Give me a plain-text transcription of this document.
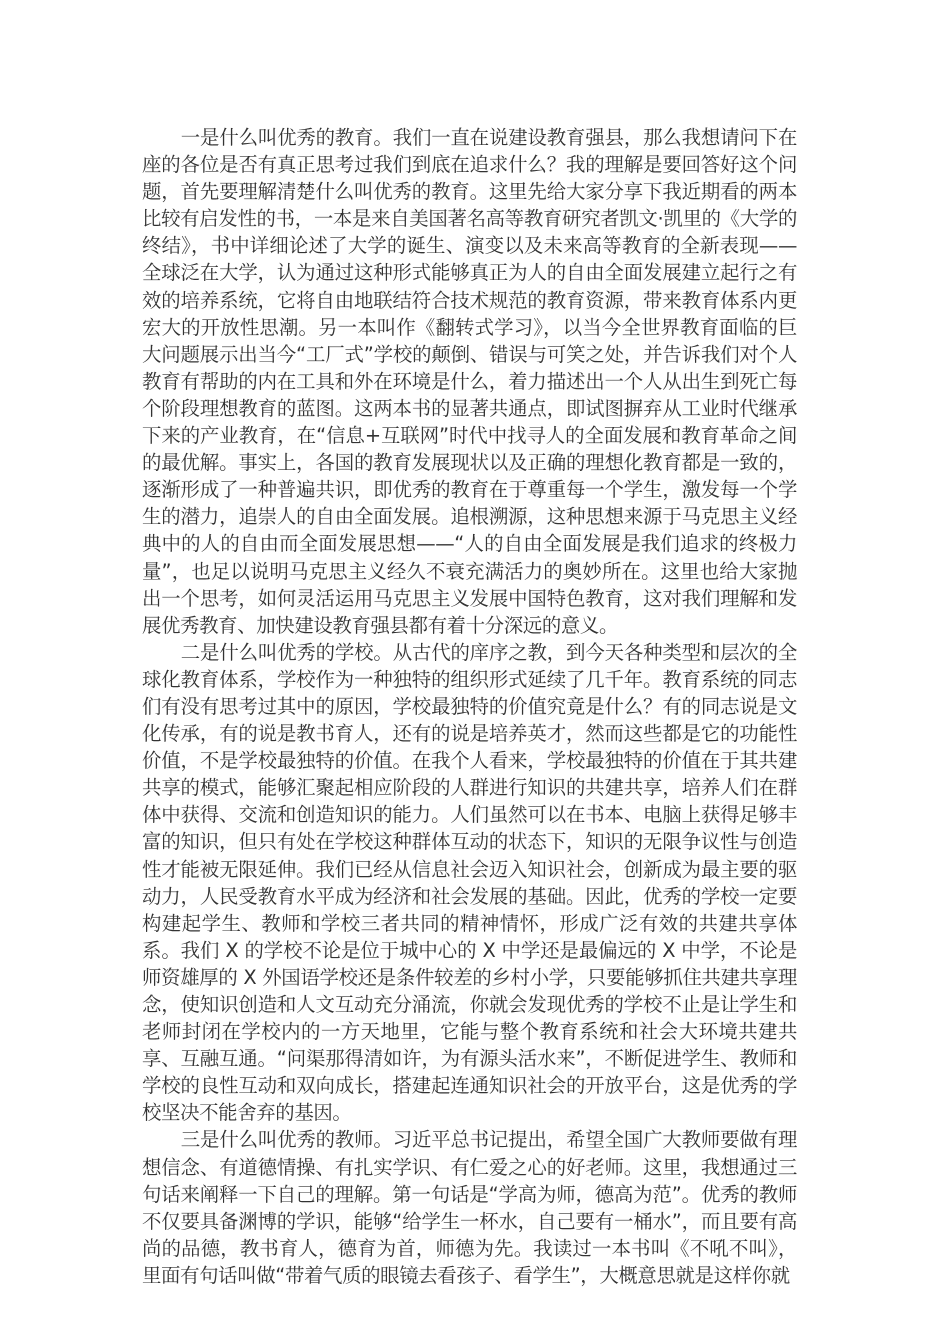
一是什么叫优秀的教育。我们一直在说建设教育强县，那么我想请问下在座的各位是否有真正思考过我们到底在追求什么？我的理解是要回答好这个问题，首先要理解清楚什么叫优秀的教育。这里先给大家分享下我近期看的两本比较有启发性的书，一本是来自美国著名高等教育研究者凯文·凯里的《大学的终结》，书中详细论述了大学的诞生、演变以及未来高等教育的全新表现——全球泛在大学，认为通过这种形式能够真正为人的自由全面发展建立起行之有效的培养系统，它将自由地联结符合技术规范的教育资源，带来教育体系内更宏大的开放性思潮。另一本叫作《翻转式学习》，以当今全世界教育面临的巨大问题展示出当今“工厂式”学校的颠倒、错误与可笑之处，并告诉我们对个人教育有帮助的内在工具和外在环境是什么，着力描述出一个人从出生到死亡每个阶段理想教育的蓝图。这两本书的显著共通点，即试图摒弃从工业时代继承下来的产业教育，在“信息+互联网”时代中找寻人的全面发展和教育革命之间的最优解。事实上，各国的教育发展现状以及正确的理想化教育都是一致的，逐渐形成了一种普遍共识，即优秀的教育在于尊重每一个学生，激发每一个学生的潜力，追崇人的自由全面发展。追根溯源，这种思想来源于马克思主义经典中的人的自由而全面发展思想——“人的自由全面发展是我们追求的终极力量”，也足以说明马克思主义经久不衰充满活力的奥妙所在。这里也给大家抛出一个思考，如何灵活运用马克思主义发展中国特色教育，这对我们理解和发展优秀教育、加快建设教育强县都有着十分深远的意义。

二是什么叫优秀的学校。从古代的庠序之教，到今天各种类型和层次的全球化教育体系，学校作为一种独特的组织形式延续了几千年。教育系统的同志们有没有思考过其中的原因，学校最独特的价值究竟是什么？有的同志说是文化传承，有的说是教书育人，还有的说是培养英才，然而这些都是它的功能性价值，不是学校最独特的价值。在我个人看来，学校最独特的价值在于其共建共享的模式，能够汇聚起相应阶段的人群进行知识的共建共享，培养人们在群体中获得、交流和创造知识的能力。人们虽然可以在书本、电脑上获得足够丰富的知识，但只有处在学校这种群体互动的状态下，知识的无限争议性与创造性才能被无限延伸。我们已经从信息社会迈入知识社会，创新成为最主要的驱动力，人民受教育水平成为经济和社会发展的基础。因此，优秀的学校一定要构建起学生、教师和学校三者共同的精神情怀，形成广泛有效的共建共享体系。我们 X 的学校不论是位于城中心的 X 中学还是最偏远的 X 中学，不论是师资雄厚的 X 外国语学校还是条件较差的乡村小学，只要能够抓住共建共享理念，使知识创造和人文互动充分涌流，你就会发现优秀的学校不止是让学生和老师封闭在学校内的一方天地里，它能与整个教育系统和社会大环境共建共享、互融互通。“问渠那得清如许，为有源头活水来”，不断促进学生、教师和学校的良性互动和双向成长，搭建起连通知识社会的开放平台，这是优秀的学校坚决不能舍弃的基因。

三是什么叫优秀的教师。习近平总书记提出，希望全国广大教师要做有理想信念、有道德情操、有扎实学识、有仁爱之心的好老师。这里，我想通过三句话来阐释一下自己的理解。第一句话是“学高为师，德高为范”。优秀的教师不仅要具备渊博的学识，能够“给学生一杯水，自己要有一桶水”，而且要有高尚的品德，教书育人，德育为首，师德为先。我读过一本书叫《不吼不叫》，里面有句话叫做“带着气质的眼镜去看孩子、看学生”，大概意思就是这样你就
